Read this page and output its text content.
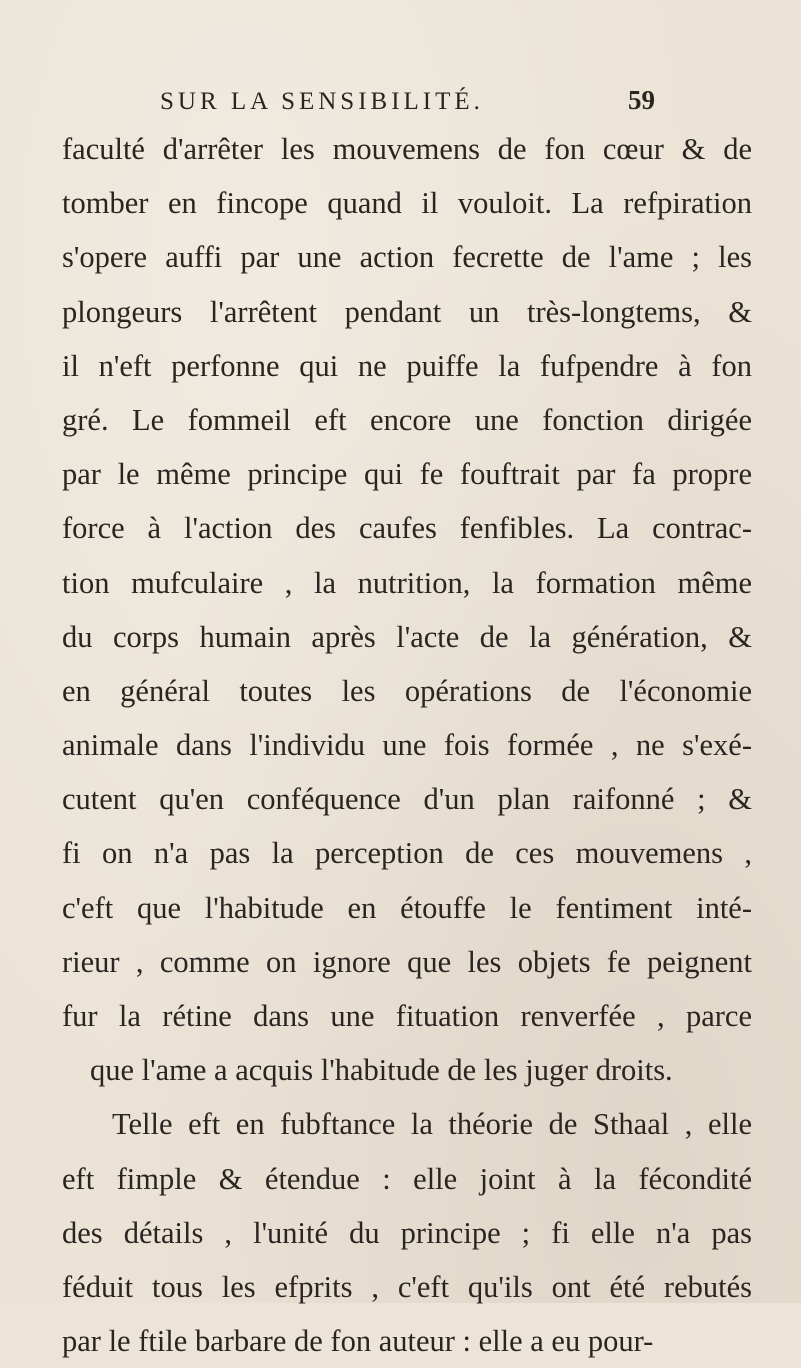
SUR LA SENSIBILITÉ.	59
faculté d'arrêter les mouvemens de fon cœur & de
tomber en fincope quand il vouloit. La refpiration
s'opere auffi par une action fecrette de l'ame ; les
plongeurs l'arrêtent pendant un très-longtems, &
il n'eft perfonne qui ne puiffe la fufpendre à fon
gré. Le fommeil eft encore une fonction dirigée
par le même principe qui fe fouftrait par fa propre
force à l'action des caufes fenfibles. La contrac-
tion mufculaire , la nutrition, la formation même
du corps humain après l'acte de la génération, &
en général toutes les opérations de l'économie
animale dans l'individu une fois formée , ne s'exé-
cutent qu'en conféquence d'un plan raifonné ; &
fi on n'a pas la perception de ces mouvemens ,
c'eft que l'habitude en étouffe le fentiment inté-
rieur , comme on ignore que les objets fe peignent
fur la rétine dans une fituation renverfée , parce
que l'ame a acquis l'habitude de les juger droits.
Telle eft en fubftance la théorie de Sthaal , elle
eft fimple & étendue : elle joint à la fécondité
des détails , l'unité du principe ; fi elle n'a pas
féduit tous les efprits , c'eft qu'ils ont été rebutés
par le ftile barbare de fon auteur : elle a eu pour-
